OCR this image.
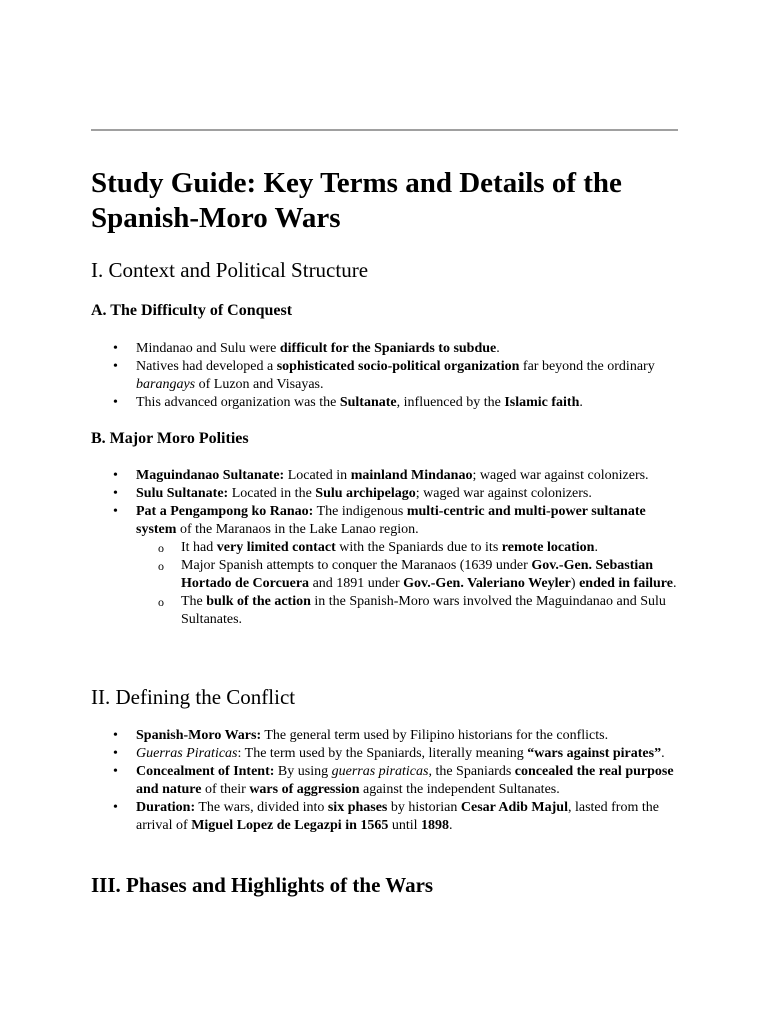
Study Guide: Key Terms and Details of the Spanish-Moro Wars
I. Context and Political Structure
A. The Difficulty of Conquest
• Mindanao and Sulu were difficult for the Spaniards to subdue.
• Natives had developed a sophisticated socio-political organization far beyond the ordinary barangays of Luzon and Visayas.
• This advanced organization was the Sultanate, influenced by the Islamic faith.
B. Major Moro Polities
• Maguindanao Sultanate: Located in mainland Mindanao; waged war against colonizers.
• Sulu Sultanate: Located in the Sulu archipelago; waged war against colonizers.
• Pat a Pengampong ko Ranao: The indigenous multi-centric and multi-power sultanate system of the Maranaos in the Lake Lanao region.
o It had very limited contact with the Spaniards due to its remote location.
o Major Spanish attempts to conquer the Maranaos (1639 under Gov.-Gen. Sebastian Hortado de Corcuera and 1891 under Gov.-Gen. Valeriano Weyler) ended in failure.
o The bulk of the action in the Spanish-Moro wars involved the Maguindanao and Sulu Sultanates.
II. Defining the Conflict
• Spanish-Moro Wars: The general term used by Filipino historians for the conflicts.
• Guerras Piraticas: The term used by the Spaniards, literally meaning “wars against pirates”.
• Concealment of Intent: By using guerras piraticas, the Spaniards concealed the real purpose and nature of their wars of aggression against the independent Sultanates.
• Duration: The wars, divided into six phases by historian Cesar Adib Majul, lasted from the arrival of Miguel Lopez de Legazpi in 1565 until 1898.
III. Phases and Highlights of the Wars
